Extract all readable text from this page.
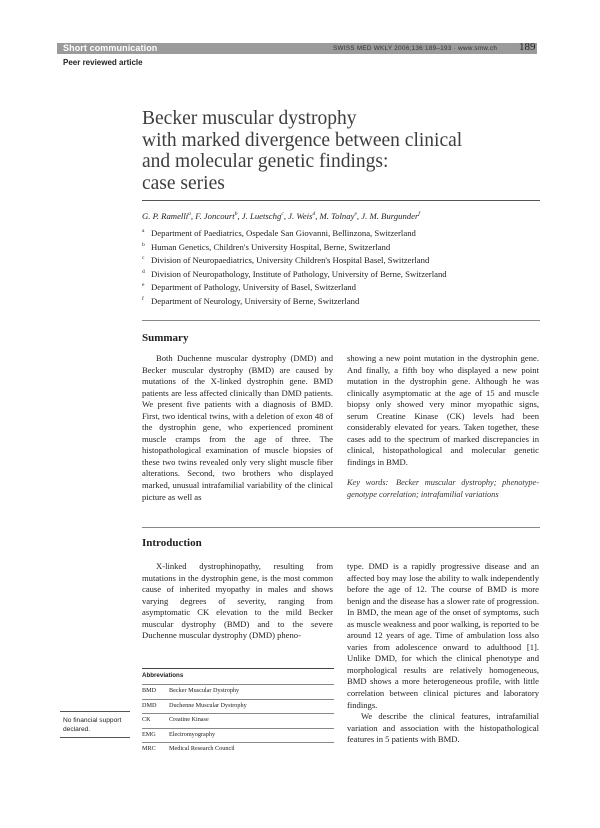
Short communication	SWISS MED WKLY 2006;136:189–193 · www.smw.ch 189
Peer reviewed article
Becker muscular dystrophy
with marked divergence between clinical
and molecular genetic findings:
case series
G. P. Ramelli$^a$, F. Joncourt$^b$, J. Luetschg$^c$, J. Weis$^d$, M. Tolnay$^e$, J. M. Burgunder$^f$
$^a$ Department of Paediatrics, Ospedale San Giovanni, Bellinzona, Switzerland
$^b$ Human Genetics, Children's University Hospital, Berne, Switzerland
$^c$ Division of Neuropaediatrics, University Children's Hospital Basel, Switzerland
$^d$ Division of Neuropathology, Institute of Pathology, University of Berne, Switzerland
$^e$ Department of Pathology, University of Basel, Switzerland
$^f$ Department of Neurology, University of Berne, Switzerland
Summary

Both Duchenne muscular dystrophy (DMD) and Becker muscular dystrophy (BMD) are caused by mutations of the X-linked dystrophin gene. BMD patients are less affected clinically than DMD patients. We present five patients with a diagnosis of BMD. First, two identical twins, with a deletion of exon 48 of the dystrophin gene, who experienced prominent muscle cramps from the age of three. The histopathological examination of muscle biopsies of these two twins revealed only very slight muscle fiber alterations. Second, two brothers who displayed marked, unusual intrafamilial variability of the clinical picture as well as

showing a new point mutation in the dystrophin gene. And finally, a fifth boy who displayed a new point mutation in the dystrophin gene. Although he was clinically asymptomatic at the age of 15 and muscle biopsy only showed very minor myopathic signs, serum Creatine Kinase (CK) levels had been considerably elevated for years. Taken together, these cases add to the spectrum of marked discrepancies in clinical, histopathological and molecular genetic findings in BMD.

Key words: Becker muscular dystrophy; phenotype-genotype correlation; intrafamilial variations
Introduction

X-linked dystrophinopathy, resulting from mutations in the dystrophin gene, is the most common cause of inherited myopathy in males and shows varying degrees of severity, ranging from asymptomatic CK elevation to the mild Becker muscular dystrophy (BMD) and to the severe Duchenne muscular dystrophy (DMD) pheno-

type. DMD is a rapidly progressive disease and an affected boy may lose the ability to walk independently before the age of 12. The course of BMD is more benign and the disease has a slower rate of progression. In BMD, the mean age of the onset of symptoms, such as muscle weakness and poor walking, is reported to be around 12 years of age. Time of ambulation loss also varies from adolescence onward to adulthood [1]. Unlike DMD, for which the clinical phenotype and morphological results are relatively homogeneous, BMD shows a more heterogeneous profile, with little correlation between clinical pictures and laboratory findings.

We describe the clinical features, intrafamilial variation and association with the histopathological features in 5 patients with BMD.

Abbreviations
BMD	Becker Muscular Dystrophy
DMD	Duchenne Muscular Dystrophy
CK	Creatine Kinase
EMG	Electromyography
MRC	Medical Research Council
No financial support declared.
